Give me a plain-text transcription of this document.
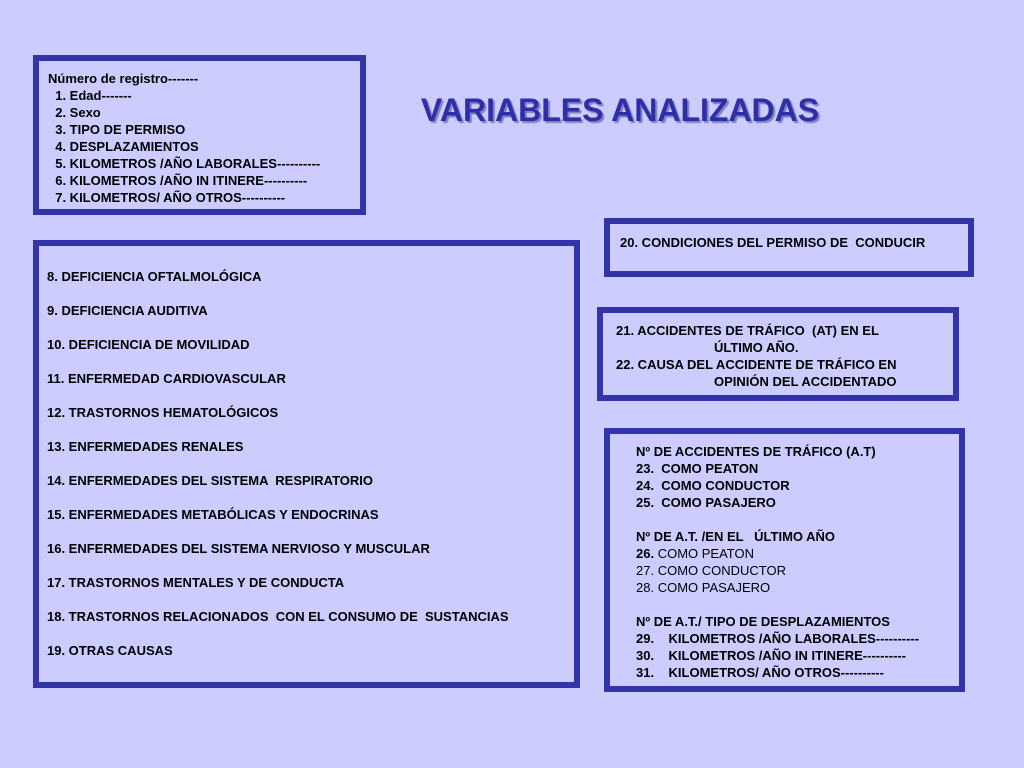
VARIABLES ANALIZADAS
Número de registro-------
1. Edad-------
2. Sexo
3. TIPO DE PERMISO
4. DESPLAZAMIENTOS
5. KILOMETROS /AÑO LABORALES----------
6. KILOMETROS /AÑO IN ITINERE----------
7. KILOMETROS/ AÑO OTROS----------
8. DEFICIENCIA OFTALMOLÓGICA
9. DEFICIENCIA AUDITIVA
10. DEFICIENCIA DE MOVILIDAD
11. ENFERMEDAD CARDIOVASCULAR
12. TRASTORNOS HEMATOLÓGICOS
13. ENFERMEDADES RENALES
14. ENFERMEDADES DEL SISTEMA  RESPIRATORIO
15. ENFERMEDADES METABÓLICAS Y ENDOCRINAS
16. ENFERMEDADES DEL SISTEMA NERVIOSO Y MUSCULAR
17. TRASTORNOS MENTALES Y DE CONDUCTA
18. TRASTORNOS RELACIONADOS  CON EL CONSUMO DE  SUSTANCIAS
19. OTRAS CAUSAS
20. CONDICIONES DEL PERMISO DE  CONDUCIR
21. ACCIDENTES DE TRÁFICO  (AT) EN EL
ÚLTIMO AÑO.
22. CAUSA DEL ACCIDENTE DE TRÁFICO EN
OPINIÓN DEL ACCIDENTADO
Nº DE ACCIDENTES DE TRÁFICO (A.T)
23.  COMO PEATON
24.  COMO CONDUCTOR
25.  COMO PASAJERO
Nº DE A.T. /EN EL   ÚLTIMO AÑO
26. COMO PEATON
27. COMO CONDUCTOR
28. COMO PASAJERO
Nº DE A.T./ TIPO DE DESPLAZAMIENTOS
29.    KILOMETROS /AÑO LABORALES----------
30.    KILOMETROS /AÑO IN ITINERE----------
31.    KILOMETROS/ AÑO OTROS----------
